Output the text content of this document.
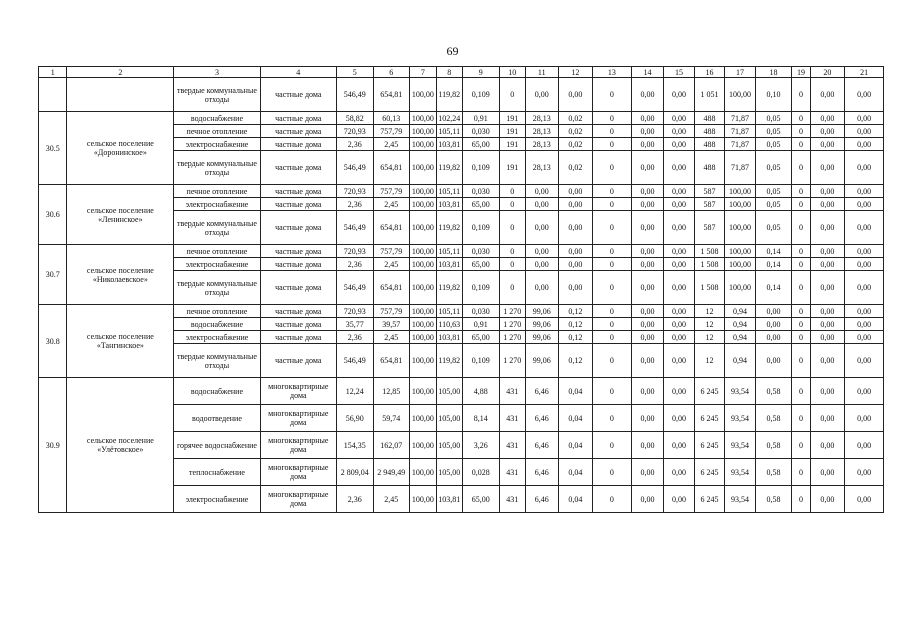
69
1	2	3	4	5	6	7	8	9	10	11	12	13	14	15	16	17	18	19	20	21
		твердые коммунальные отходы	частные дома	546,49	654,81	100,00	119,82	0,109	0	0,00	0,00	0	0,00	0,00	1 051	100,00	0,10	0	0,00	0,00
30.5	сельское поселение «Доронинское»	водоснабжение	частные дома	58,82	60,13	100,00	102,24	0,91	191	28,13	0,02	0	0,00	0,00	488	71,87	0,05	0	0,00	0,00
		печное отопление	частные дома	720,93	757,79	100,00	105,11	0,030	191	28,13	0,02	0	0,00	0,00	488	71,87	0,05	0	0,00	0,00
		электроснабжение	частные дома	2,36	2,45	100,00	103,81	65,00	191	28,13	0,02	0	0,00	0,00	488	71,87	0,05	0	0,00	0,00
		твердые коммунальные отходы	частные дома	546,49	654,81	100,00	119,82	0,109	191	28,13	0,02	0	0,00	0,00	488	71,87	0,05	0	0,00	0,00
30.6	сельское поселение «Ленинское»	печное отопление	частные дома	720,93	757,79	100,00	105,11	0,030	0	0,00	0,00	0	0,00	0,00	587	100,00	0,05	0	0,00	0,00
		электроснабжение	частные дома	2,36	2,45	100,00	103,81	65,00	0	0,00	0,00	0	0,00	0,00	587	100,00	0,05	0	0,00	0,00
		твердые коммунальные отходы	частные дома	546,49	654,81	100,00	119,82	0,109	0	0,00	0,00	0	0,00	0,00	587	100,00	0,05	0	0,00	0,00
30.7	сельское поселение «Николаевское»	печное отопление	частные дома	720,93	757,79	100,00	105,11	0,030	0	0,00	0,00	0	0,00	0,00	1 508	100,00	0,14	0	0,00	0,00
		электроснабжение	частные дома	2,36	2,45	100,00	103,81	65,00	0	0,00	0,00	0	0,00	0,00	1 508	100,00	0,14	0	0,00	0,00
		твердые коммунальные отходы	частные дома	546,49	654,81	100,00	119,82	0,109	0	0,00	0,00	0	0,00	0,00	1 508	100,00	0,14	0	0,00	0,00
30.8	сельское поселение «Тангинское»	печное отопление	частные дома	720,93	757,79	100,00	105,11	0,030	1 270	99,06	0,12	0	0,00	0,00	12	0,94	0,00	0	0,00	0,00
		водоснабжение	частные дома	35,77	39,57	100,00	110,63	0,91	1 270	99,06	0,12	0	0,00	0,00	12	0,94	0,00	0	0,00	0,00
		электроснабжение	частные дома	2,36	2,45	100,00	103,81	65,00	1 270	99,06	0,12	0	0,00	0,00	12	0,94	0,00	0	0,00	0,00
		твердые коммунальные отходы	частные дома	546,49	654,81	100,00	119,82	0,109	1 270	99,06	0,12	0	0,00	0,00	12	0,94	0,00	0	0,00	0,00
30.9	сельское поселение «Улётовское»	водоснабжение	многоквартирные дома	12,24	12,85	100,00	105,00	4,88	431	6,46	0,04	0	0,00	0,00	6 245	93,54	0,58	0	0,00	0,00
		водоотведение	многоквартирные дома	56,90	59,74	100,00	105,00	8,14	431	6,46	0,04	0	0,00	0,00	6 245	93,54	0,58	0	0,00	0,00
		горячее водоснабжение	многоквартирные дома	154,35	162,07	100,00	105,00	3,26	431	6,46	0,04	0	0,00	0,00	6 245	93,54	0,58	0	0,00	0,00
		теплоснабжение	многоквартирные дома	2 809,04	2 949,49	100,00	105,00	0,028	431	6,46	0,04	0	0,00	0,00	6 245	93,54	0,58	0	0,00	0,00
		электроснабжение	многоквартирные дома	2,36	2,45	100,00	103,81	65,00	431	6,46	0,04	0	0,00	0,00	6 245	93,54	0,58	0	0,00	0,00
